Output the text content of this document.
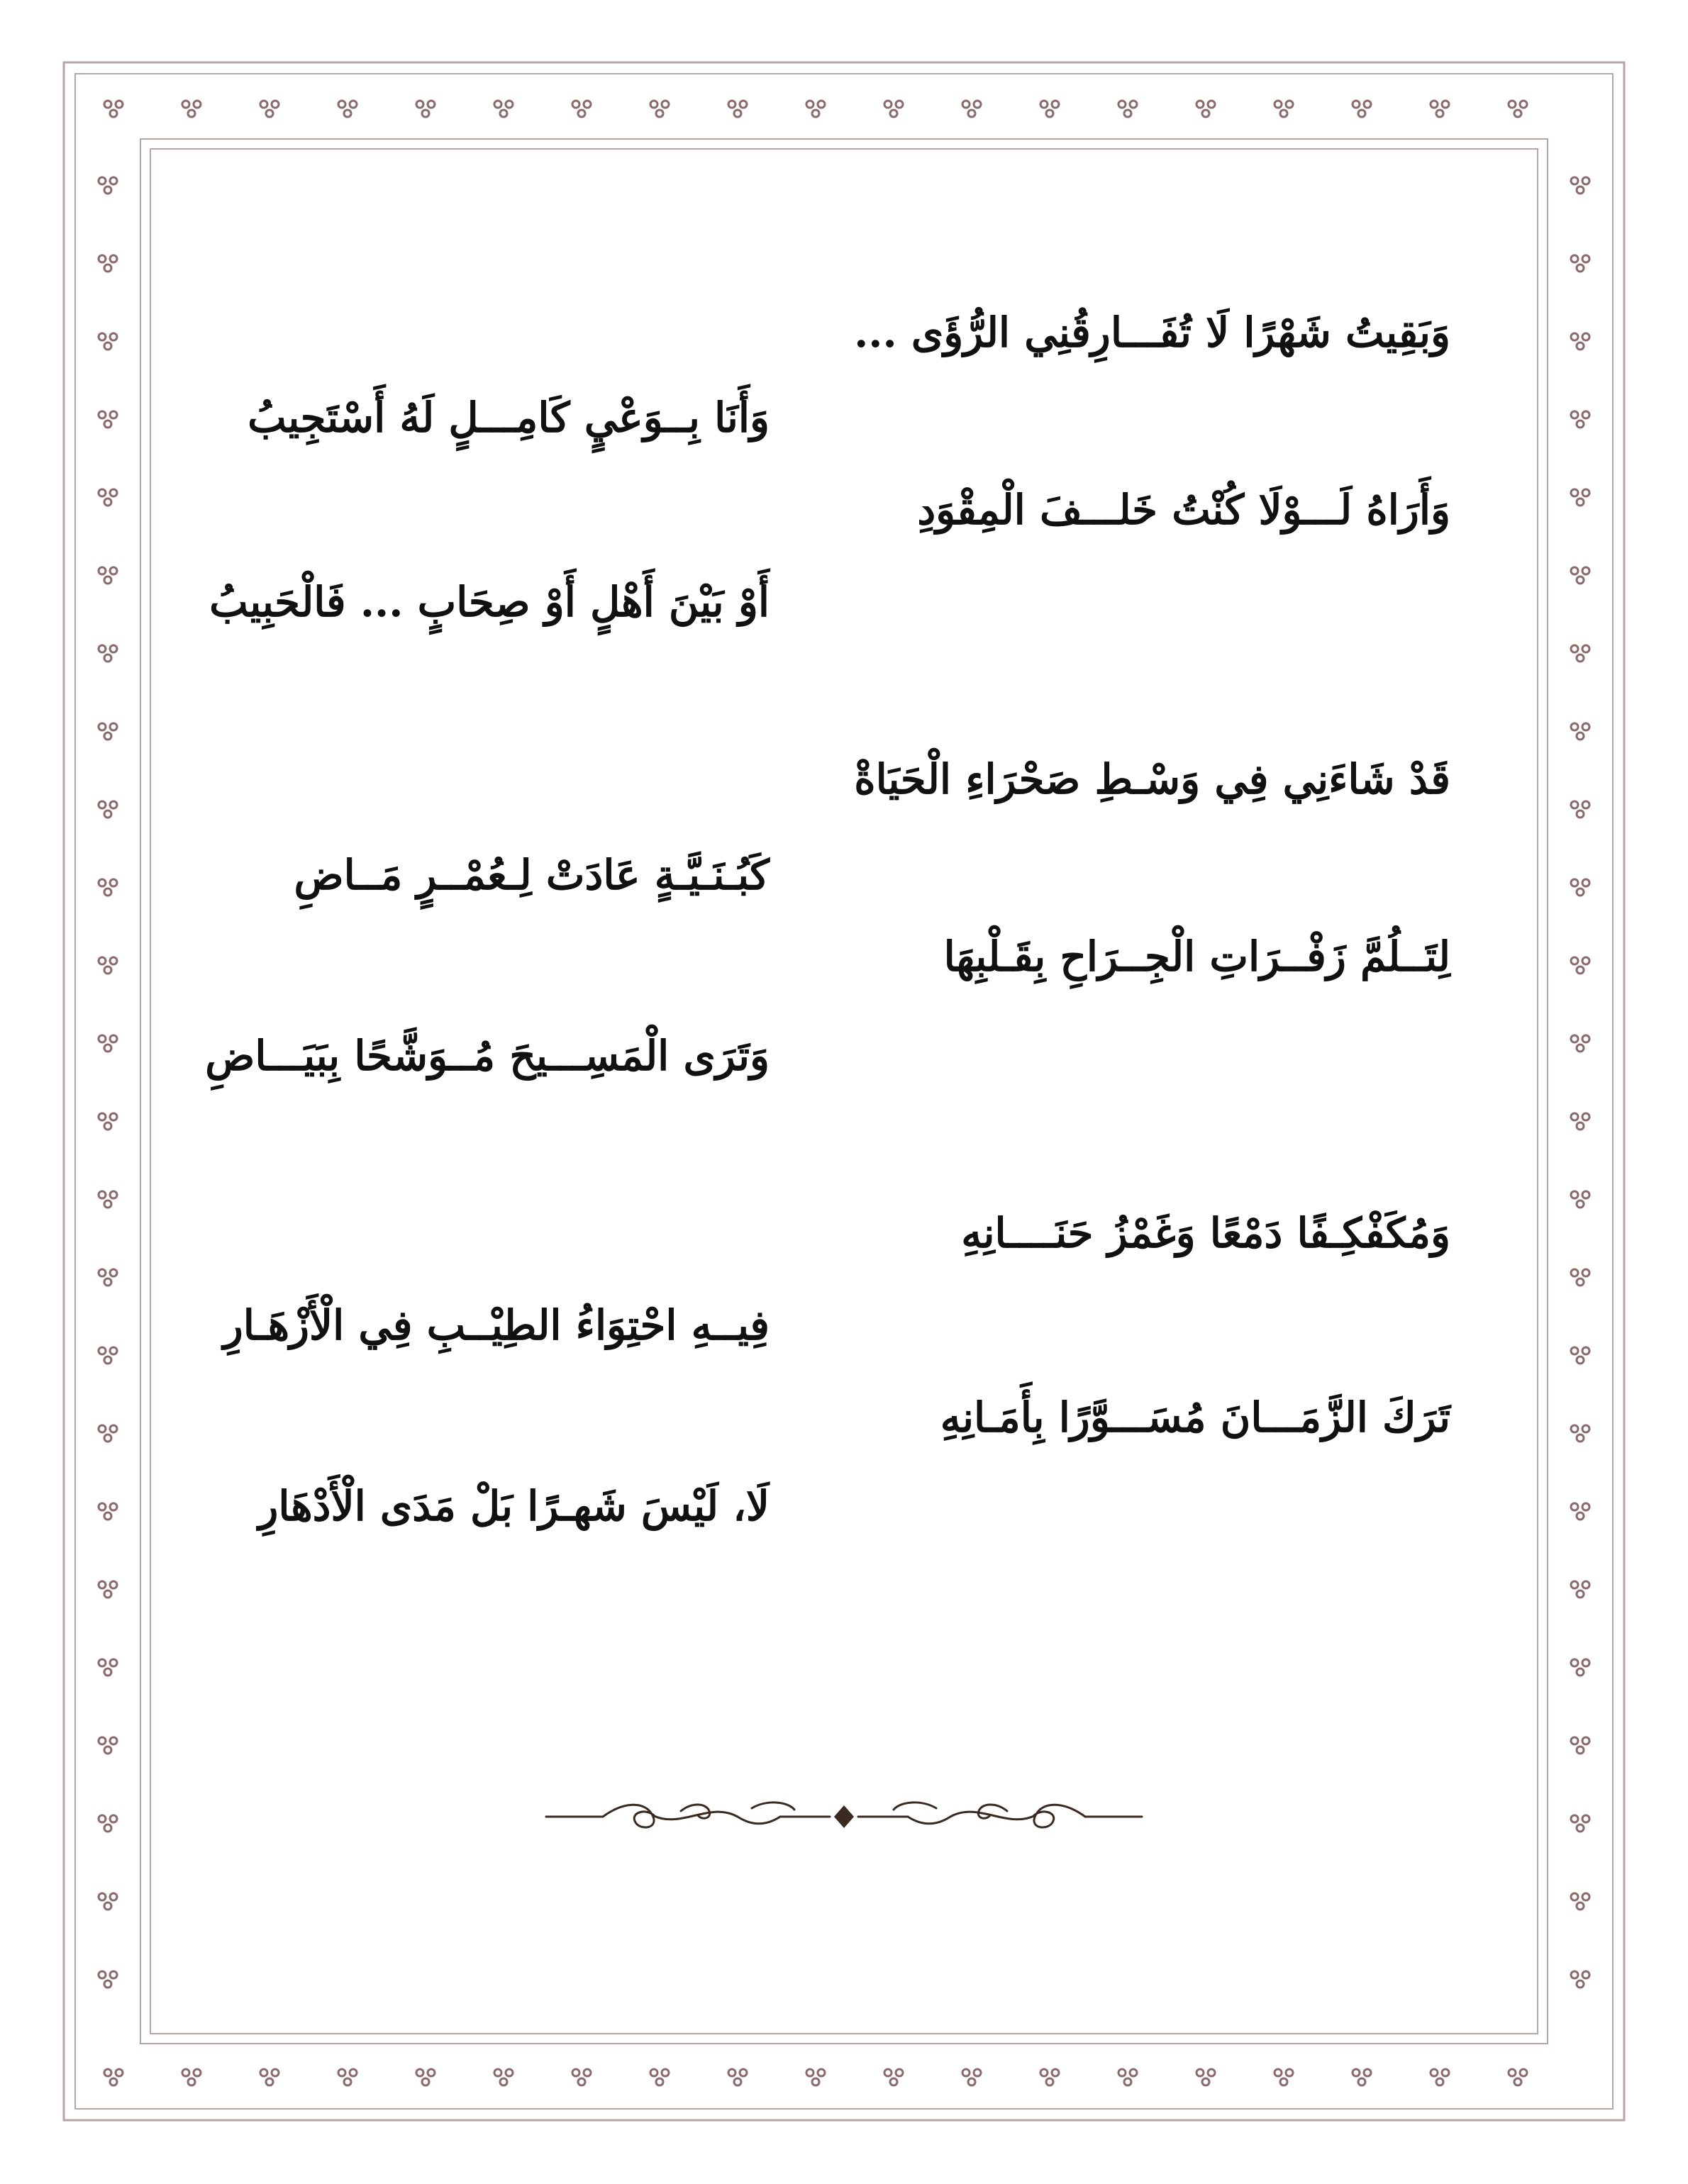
وَبَقِيتُ شَهْرًا لَا تُفَـــارِقُنِي الرُّؤَى ...
وَأَنَا بِــوَعْيٍ كَامِـــلٍ لَهُ أَسْتَجِيبُ
وَأَرَاهُ لَـــوْلَا كُنْتُ خَلـــفَ الْمِقْوَدِ
أَوْ بَيْنَ أَهْلٍ أَوْ صِحَابٍ ... فَالْحَبِيبُ
قَدْ شَاءَنِي فِي وَسْـطِ صَحْرَاءِ الْحَيَاةْ
كَبُـنَـيَّـةٍ عَادَتْ لِـعُمْــرٍ مَــاضِ
لِتَــلُمَّ زَفْــرَاتِ الْجِــرَاحِ بِقَـلْبِهَا
وَتَرَى الْمَسِـــيحَ مُــوَشَّحًا بِبَيَـــاضِ
وَمُكَفْكِـفًا دَمْعًا وَغَمْزُ حَنَــــانِهِ
فِيــهِ احْتِوَاءُ الطِيْــبِ فِي الْأَزْهَـارِ
تَرَكَ الزَّمَـــانَ مُسَـــوَّرًا بِأَمَـانِهِ
لَا، لَيْسَ شَهـرًا بَلْ مَدَى الْأَدْهَارِ
